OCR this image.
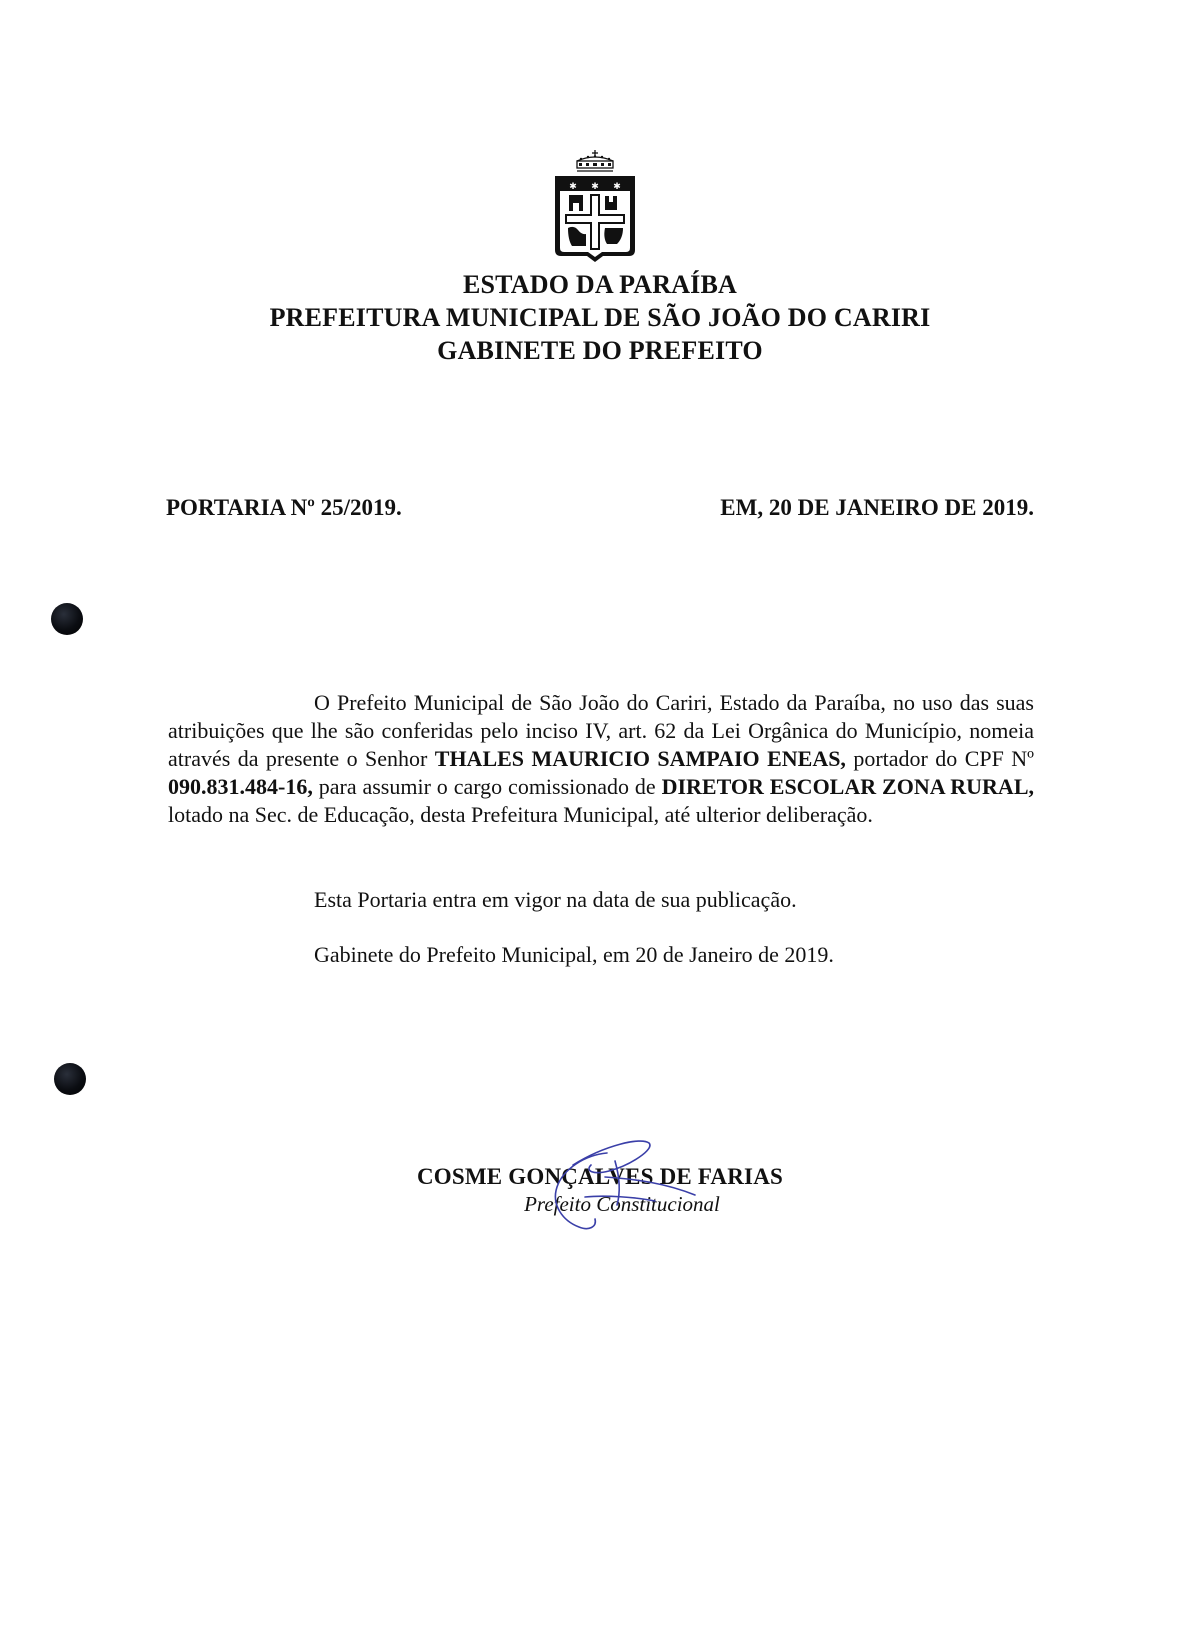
✱ ✱ ✱
ESTADO DA PARAÍBA
PREFEITURA MUNICIPAL DE SÃO JOÃO DO CARIRI
GABINETE DO PREFEITO
PORTARIA Nº 25/2019.	EM, 20 DE JANEIRO DE 2019.
O Prefeito Municipal de São João do Cariri, Estado da Paraíba, no uso das suas atribuições que lhe são conferidas pelo inciso IV, art. 62 da Lei Orgânica do Município, nomeia através da presente o Senhor THALES MAURICIO SAMPAIO ENEAS, portador do CPF Nº 090.831.484-16, para assumir o cargo comissionado de DIRETOR ESCOLAR ZONA RURAL, lotado na Sec. de Educação, desta Prefeitura Municipal, até ulterior deliberação.
Esta Portaria entra em vigor na data de sua publicação.
Gabinete do Prefeito Municipal, em 20 de Janeiro de 2019.
COSME GONÇALVES DE FARIAS
Prefeito Constitucional
